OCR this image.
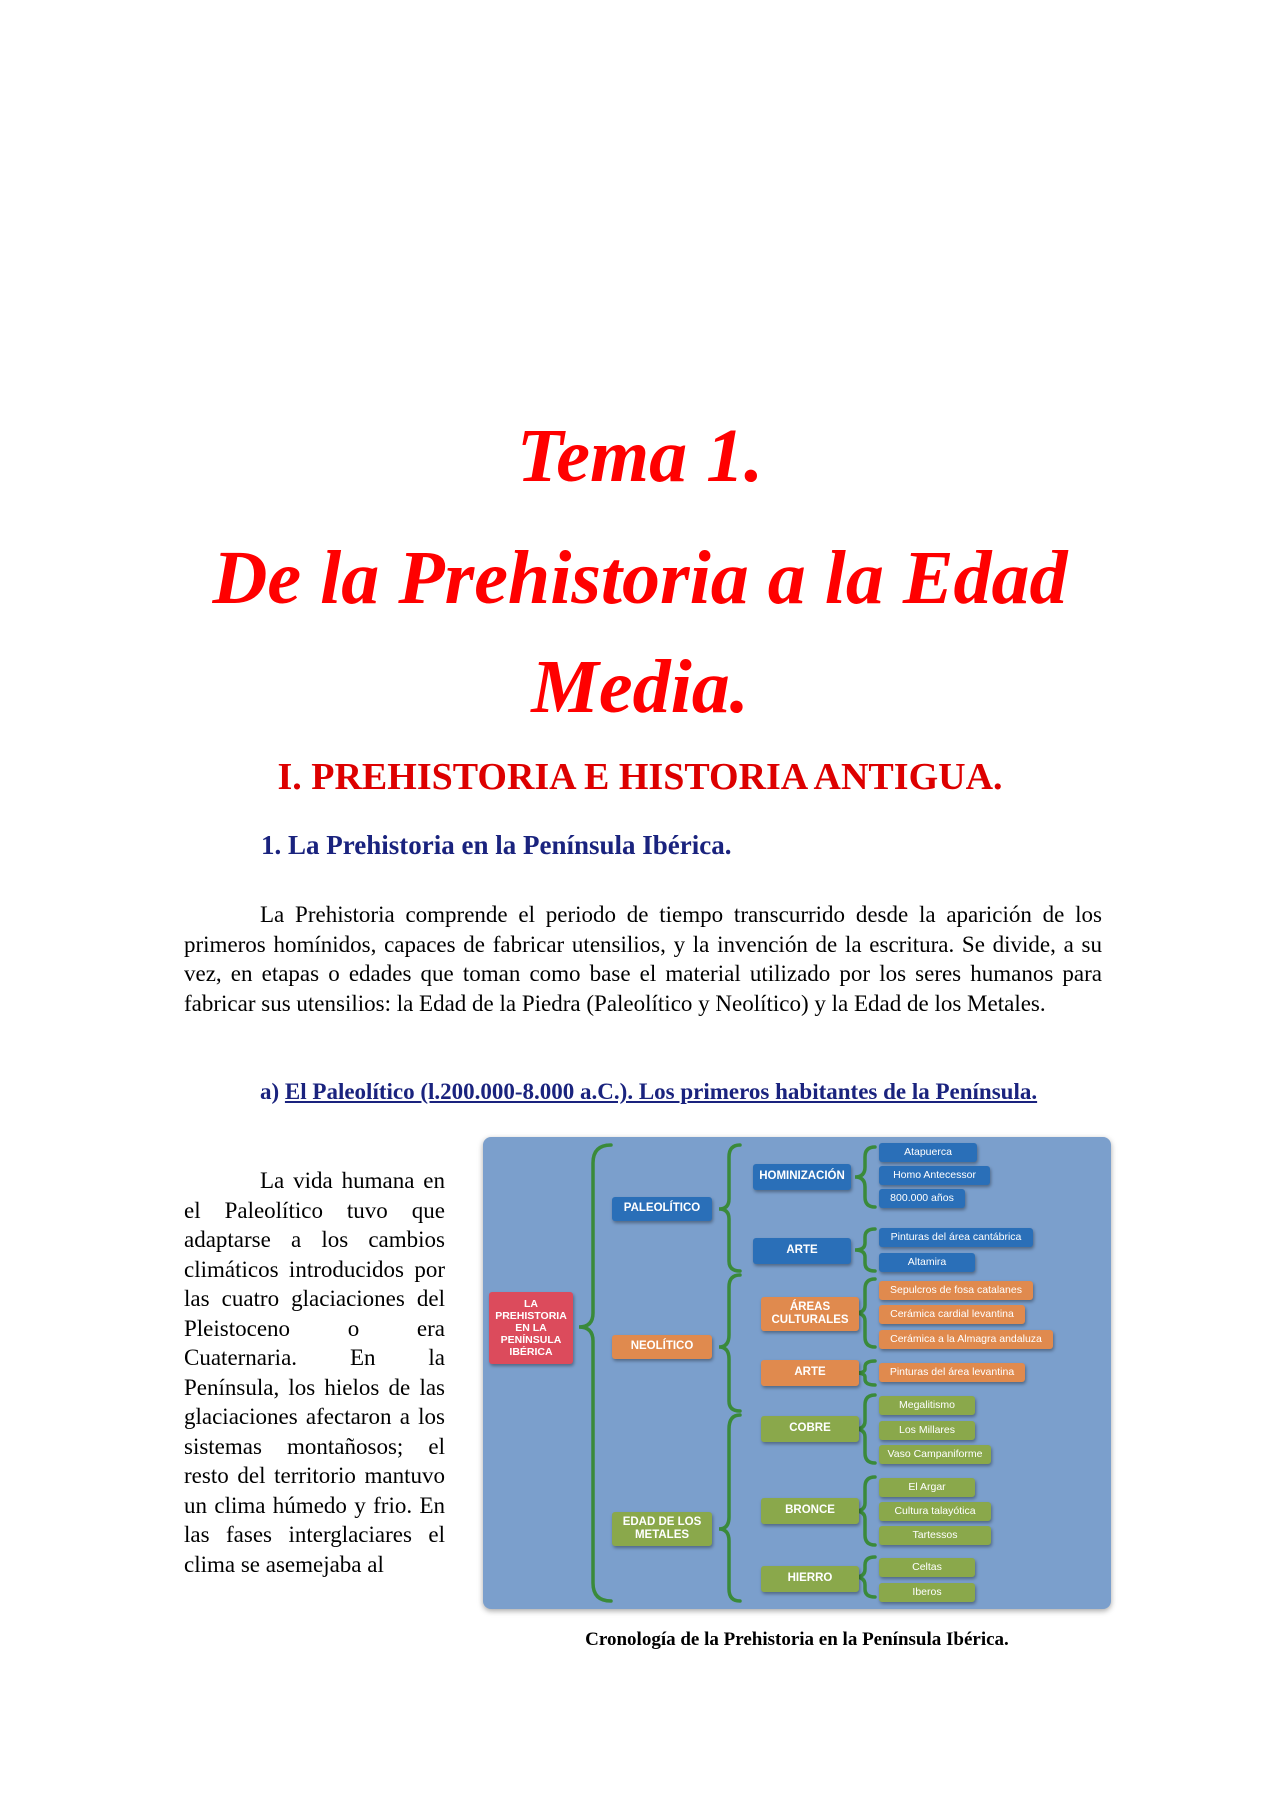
Tema 1.
De la Prehistoria a la Edad
Media.
I. PREHISTORIA E HISTORIA ANTIGUA.
1. La Prehistoria en la Península Ibérica.

La Prehistoria comprende el periodo de tiempo transcurrido desde la aparición de los primeros homínidos, capaces de fabricar utensilios, y la invención de la escritura. Se divide, a su vez, en etapas o edades que toman como base el material utilizado por los seres humanos para fabricar sus utensilios: la Edad de la Piedra (Paleolítico y Neolítico) y la Edad de los Metales.

a) El Paleolítico (l.200.000-8.000 a.C.). Los primeros habitantes de la Península.

La vida humana en el Paleolítico tuvo que adaptarse a los cambios climáticos introducidos por las cuatro glaciaciones del Pleistoceno o era Cuaternaria. En la Península, los hielos de las glaciaciones afectaron a los sistemas montañosos; el resto del territorio mantuvo un clima húmedo y frio. En las fases interglaciares el clima se asemejaba al

LA PREHISTORIA EN LA PENÍNSULA IBÉRICA
PALEOLÍTICO
NEOLÍTICO
EDAD DE LOS METALES
HOMINIZACIÓN
ARTE
ÁREAS CULTURALES
ARTE
COBRE
BRONCE
HIERRO
Atapuerca
Homo Antecessor
800.000 años
Pinturas del área cantábrica
Altamira
Sepulcros de fosa catalanes
Cerámica cardial levantina
Cerámica a la Almagra andaluza
Pinturas del área levantina
Megalitismo
Los Millares
Vaso Campaniforme
El Argar
Cultura talayótica
Tartessos
Celtas
Iberos
Cronología de la Prehistoria en la Península Ibérica.
